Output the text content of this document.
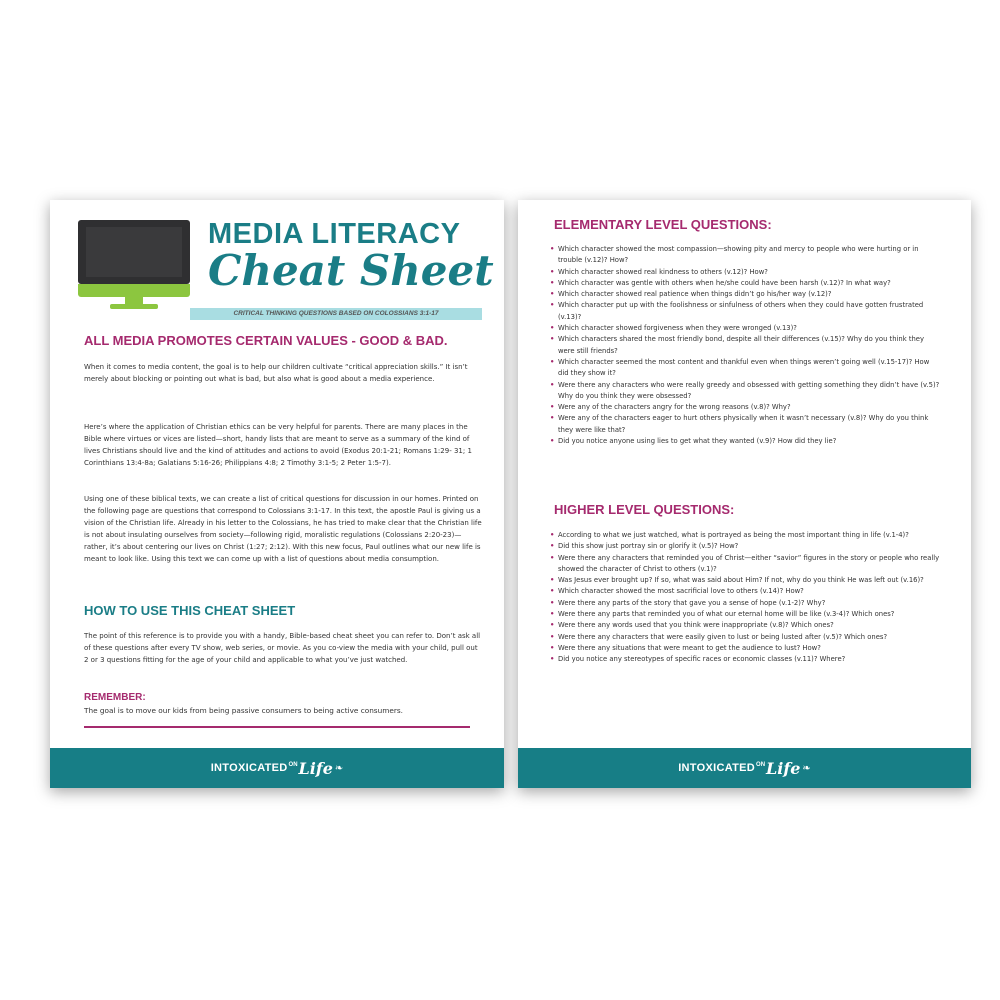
MEDIA LITERACY
Cheat Sheet
CRITICAL THINKING QUESTIONS BASED ON COLOSSIANS 3:1-17
ALL MEDIA PROMOTES CERTAIN VALUES - GOOD & BAD.
When it comes to media content, the goal is to help our children cultivate “critical appreciation skills.” It isn’t merely about blocking or pointing out what is bad, but also what is good about a media experience.
Here’s where the application of Christian ethics can be very helpful for parents. There are many places in the Bible where virtues or vices are listed—short, handy lists that are meant to serve as a summary of the kind of lives Christians should live and the kind of attitudes and actions to avoid (Exodus 20:1-21; Romans 1:29- 31; 1 Corinthians 13:4-8a; Galatians 5:16-26; Philippians 4:8; 2 Timothy 3:1-5; 2 Peter 1:5-7).
Using one of these biblical texts, we can create a list of critical questions for discussion in our homes. Printed on the following page are questions that correspond to Colossians 3:1-17. In this text, the apostle Paul is giving us a vision of the Christian life. Already in his letter to the Colossians, he has tried to make clear that the Christian life is not about insulating ourselves from society—following rigid, moralistic regulations (Colossians 2:20-23)—rather, it’s about centering our lives on Christ (1:27; 2:12). With this new focus, Paul outlines what our new life is meant to look like. Using this text we can come up with a list of questions about media consumption.
HOW TO USE THIS CHEAT SHEET
The point of this reference is to provide you with a handy, Bible-based cheat sheet you can refer to. Don’t ask all of these questions after every TV show, web series, or movie. As you co-view the media with your child, pull out 2 or 3 questions fitting for the age of your child and applicable to what you’ve just watched.
REMEMBER:
The goal is to move our kids from being passive consumers to being active consumers.
INTOXICATED ON Life ❧
ELEMENTARY LEVEL QUESTIONS:
• Which character showed the most compassion—showing pity and mercy to people who were hurting or in trouble (v.12)? How?
• Which character showed real kindness to others (v.12)? How?
• Which character was gentle with others when he/she could have been harsh (v.12)? In what way?
• Which character showed real patience when things didn’t go his/her way (v.12)?
• Which character put up with the foolishness or sinfulness of others when they could have gotten frustrated (v.13)?
• Which character showed forgiveness when they were wronged (v.13)?
• Which characters shared the most friendly bond, despite all their differences (v.15)? Why do you think they were still friends?
• Which character seemed the most content and thankful even when things weren’t going well (v.15-17)? How did they show it?
• Were there any characters who were really greedy and obsessed with getting something they didn’t have (v.5)? Why do you think they were obsessed?
• Were any of the characters angry for the wrong reasons (v.8)? Why?
• Were any of the characters eager to hurt others physically when it wasn’t necessary (v.8)? Why do you think they were like that?
• Did you notice anyone using lies to get what they wanted (v.9)? How did they lie?
HIGHER LEVEL QUESTIONS:
• According to what we just watched, what is portrayed as being the most important thing in life (v.1-4)?
• Did this show just portray sin or glorify it (v.5)? How?
• Were there any characters that reminded you of Christ—either “savior” figures in the story or people who really showed the character of Christ to others (v.1)?
• Was Jesus ever brought up? If so, what was said about Him? If not, why do you think He was left out (v.16)?
• Which character showed the most sacrificial love to others (v.14)? How?
• Were there any parts of the story that gave you a sense of hope (v.1-2)? Why?
• Were there any parts that reminded you of what our eternal home will be like (v.3-4)? Which ones?
• Were there any words used that you think were inappropriate (v.8)? Which ones?
• Were there any characters that were easily given to lust or being lusted after (v.5)? Which ones?
• Were there any situations that were meant to get the audience to lust? How?
• Did you notice any stereotypes of specific races or economic classes (v.11)? Where?
INTOXICATED ON Life ❧
